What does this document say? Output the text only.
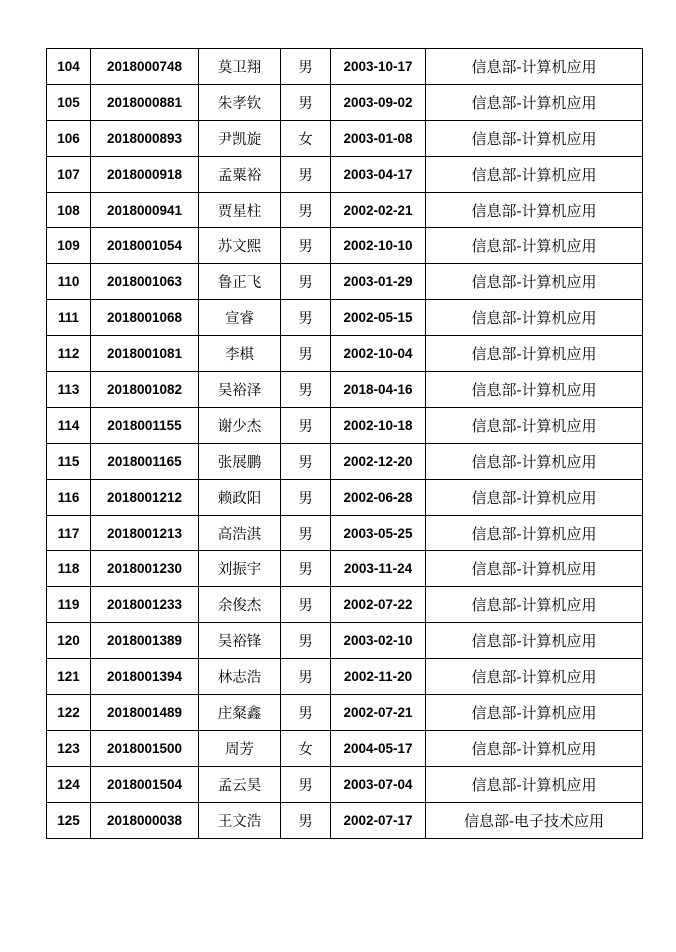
104	2018000748	莫卫翔	男	2003-10-17	信息部-计算机应用
105	2018000881	朱孝钦	男	2003-09-02	信息部-计算机应用
106	2018000893	尹凯旋	女	2003-01-08	信息部-计算机应用
107	2018000918	孟粟裕	男	2003-04-17	信息部-计算机应用
108	2018000941	贾星柱	男	2002-02-21	信息部-计算机应用
109	2018001054	苏文熙	男	2002-10-10	信息部-计算机应用
110	2018001063	鲁正飞	男	2003-01-29	信息部-计算机应用
111	2018001068	宣睿	男	2002-05-15	信息部-计算机应用
112	2018001081	李棋	男	2002-10-04	信息部-计算机应用
113	2018001082	吴裕泽	男	2018-04-16	信息部-计算机应用
114	2018001155	谢少杰	男	2002-10-18	信息部-计算机应用
115	2018001165	张展鹏	男	2002-12-20	信息部-计算机应用
116	2018001212	赖政阳	男	2002-06-28	信息部-计算机应用
117	2018001213	高浩淇	男	2003-05-25	信息部-计算机应用
118	2018001230	刘振宇	男	2003-11-24	信息部-计算机应用
119	2018001233	余俊杰	男	2002-07-22	信息部-计算机应用
120	2018001389	吴裕锋	男	2003-02-10	信息部-计算机应用
121	2018001394	林志浩	男	2002-11-20	信息部-计算机应用
122	2018001489	庄粲鑫	男	2002-07-21	信息部-计算机应用
123	2018001500	周芳	女	2004-05-17	信息部-计算机应用
124	2018001504	孟云昊	男	2003-07-04	信息部-计算机应用
125	2018000038	王文浩	男	2002-07-17	信息部-电子技术应用
